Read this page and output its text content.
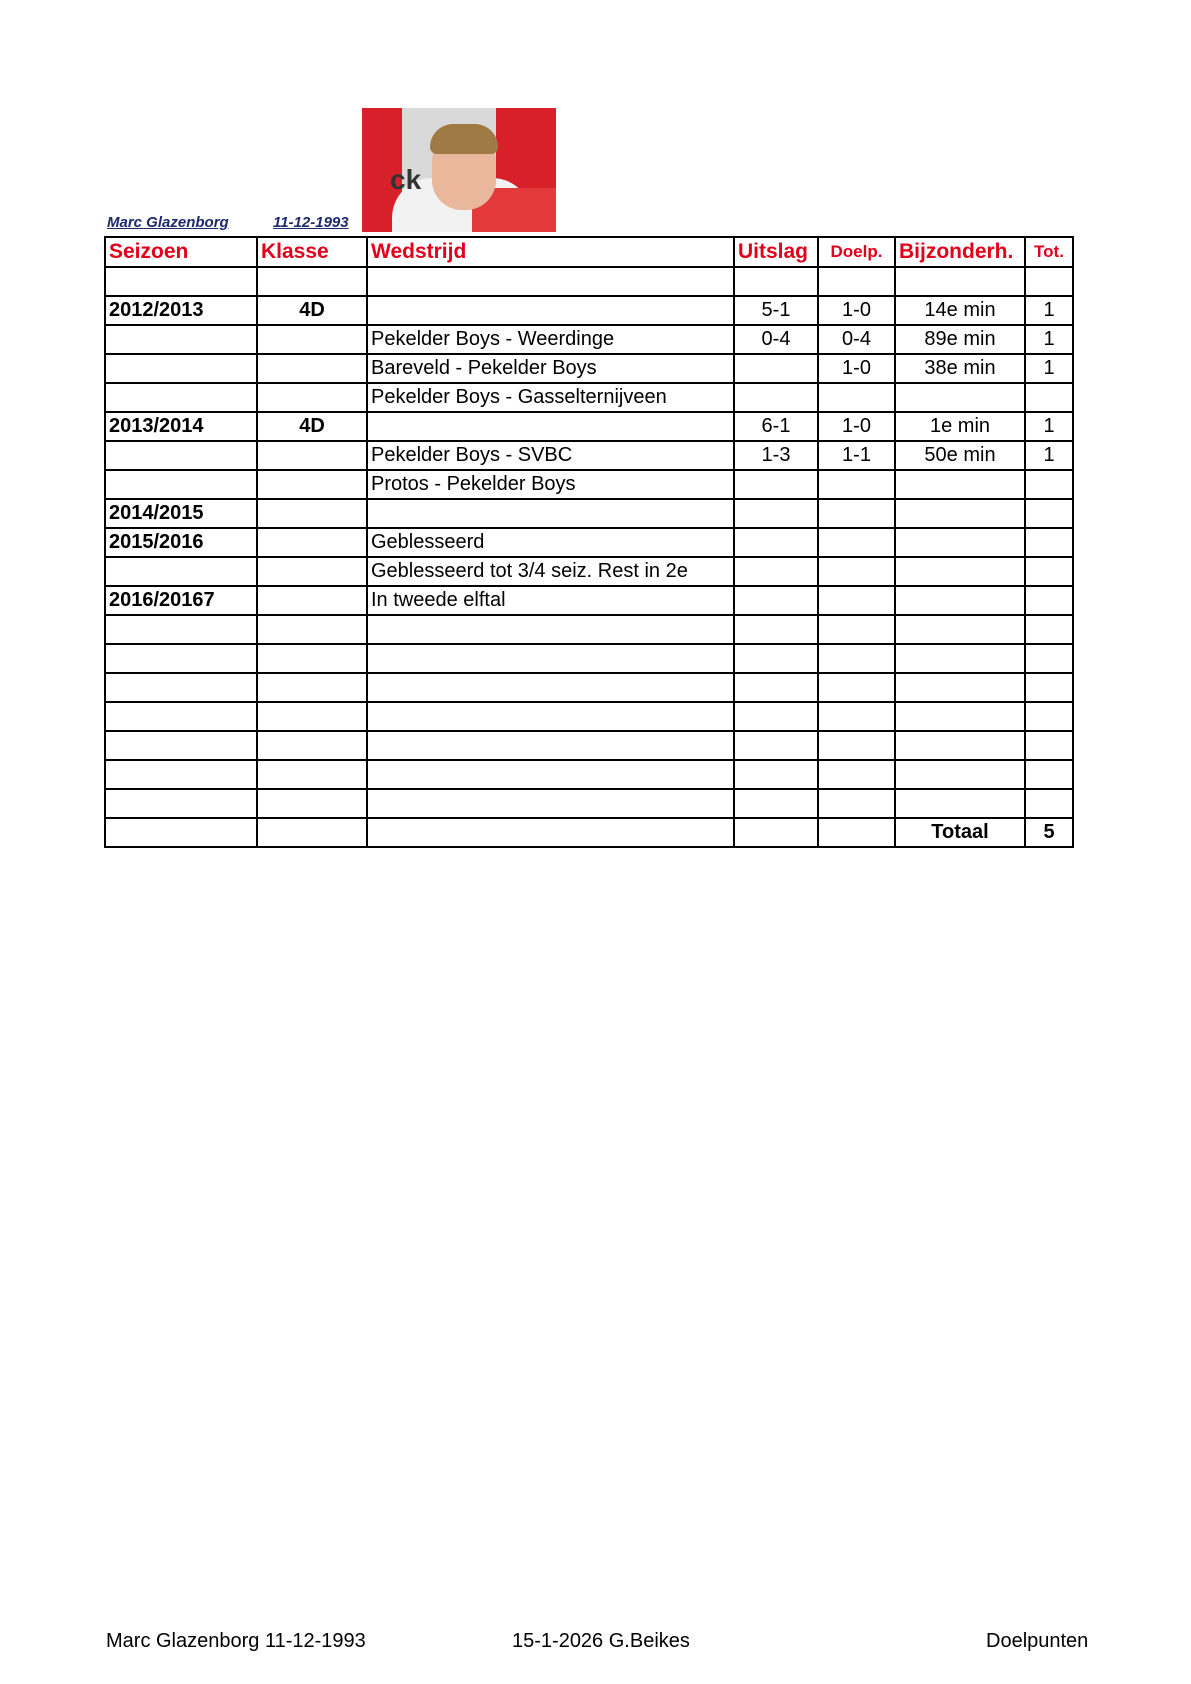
Marc Glazenborg	11-12-1993
ck
Seizoen	Klasse	Wedstrijd	Uitslag	Doelp.	Bijzonderh.	Tot.

2012/2013	4D		5-1	1-0	14e min	1
		Pekelder Boys - Weerdinge	0-4	0-4	89e min	1
		Bareveld - Pekelder Boys		1-0	38e min	1
		Pekelder Boys - Gasselternijveen				
2013/2014	4D		6-1	1-0	1e min	1
		Pekelder Boys - SVBC	1-3	1-1	50e min	1
		Protos - Pekelder Boys				
2014/2015						
2015/2016		Geblesseerd				
		Geblesseerd tot 3/4 seiz. Rest in 2e				
2016/20167		In tweede elftal				

					Totaal	5
Marc Glazenborg 11-12-1993	15-1-2026 G.Beikes	Doelpunten
